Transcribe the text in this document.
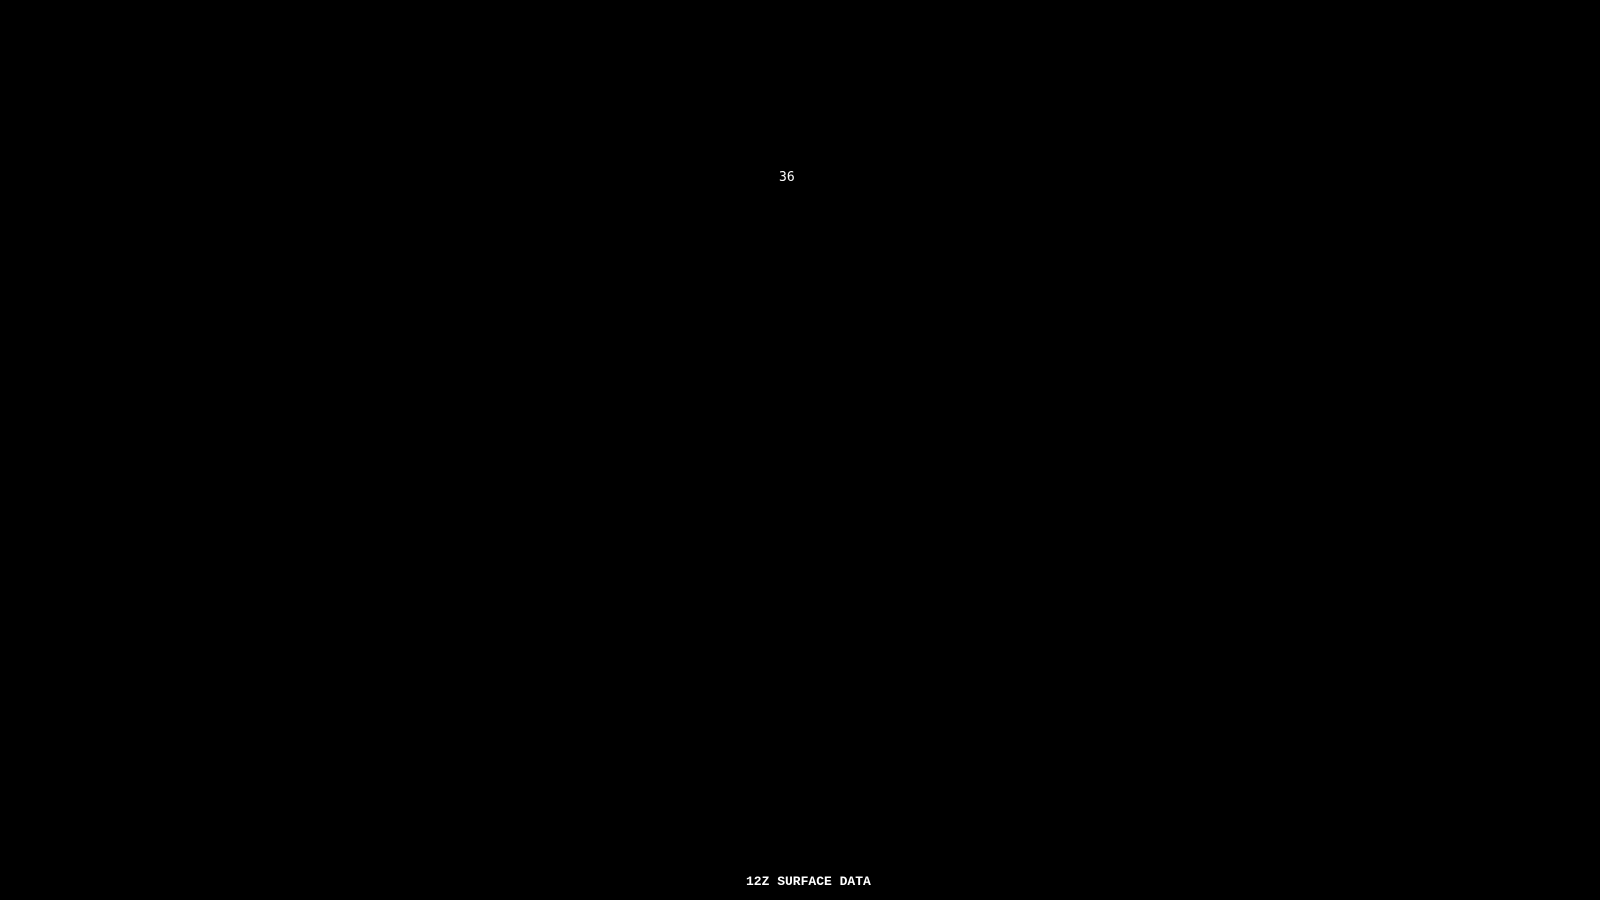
36
12Z SURFACE DATA
